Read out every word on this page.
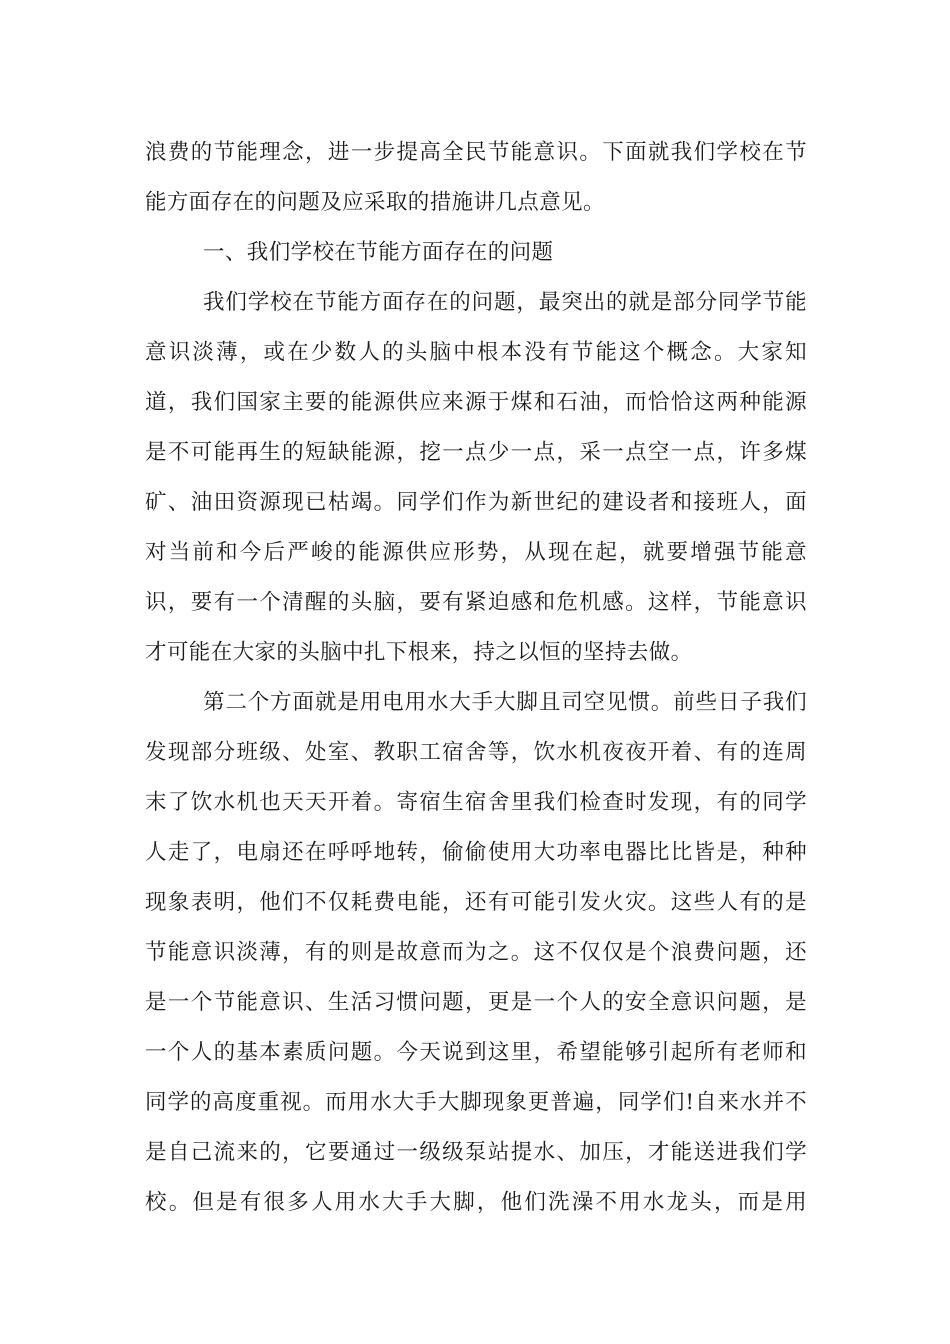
浪费的节能理念，进一步提高全民节能意识。下面就我们学校在节
能方面存在的问题及应采取的措施讲几点意见。
一、我们学校在节能方面存在的问题
我们学校在节能方面存在的问题，最突出的就是部分同学节能
意识淡薄，或在少数人的头脑中根本没有节能这个概念。大家知
道，我们国家主要的能源供应来源于煤和石油，而恰恰这两种能源
是不可能再生的短缺能源，挖一点少一点，采一点空一点，许多煤
矿、油田资源现已枯竭。同学们作为新世纪的建设者和接班人，面
对当前和今后严峻的能源供应形势，从现在起，就要增强节能意
识，要有一个清醒的头脑，要有紧迫感和危机感。这样，节能意识
才可能在大家的头脑中扎下根来，持之以恒的坚持去做。
第二个方面就是用电用水大手大脚且司空见惯。前些日子我们
发现部分班级、处室、教职工宿舍等，饮水机夜夜开着、有的连周
末了饮水机也天天开着。寄宿生宿舍里我们检查时发现，有的同学
人走了，电扇还在呼呼地转，偷偷使用大功率电器比比皆是，种种
现象表明，他们不仅耗费电能，还有可能引发火灾。这些人有的是
节能意识淡薄，有的则是故意而为之。这不仅仅是个浪费问题，还
是一个节能意识、生活习惯问题，更是一个人的安全意识问题，是
一个人的基本素质问题。今天说到这里，希望能够引起所有老师和
同学的高度重视。而用水大手大脚现象更普遍，同学们!自来水并不
是自己流来的，它要通过一级级泵站提水、加压，才能送进我们学
校。但是有很多人用水大手大脚，他们洗澡不用水龙头，而是用
